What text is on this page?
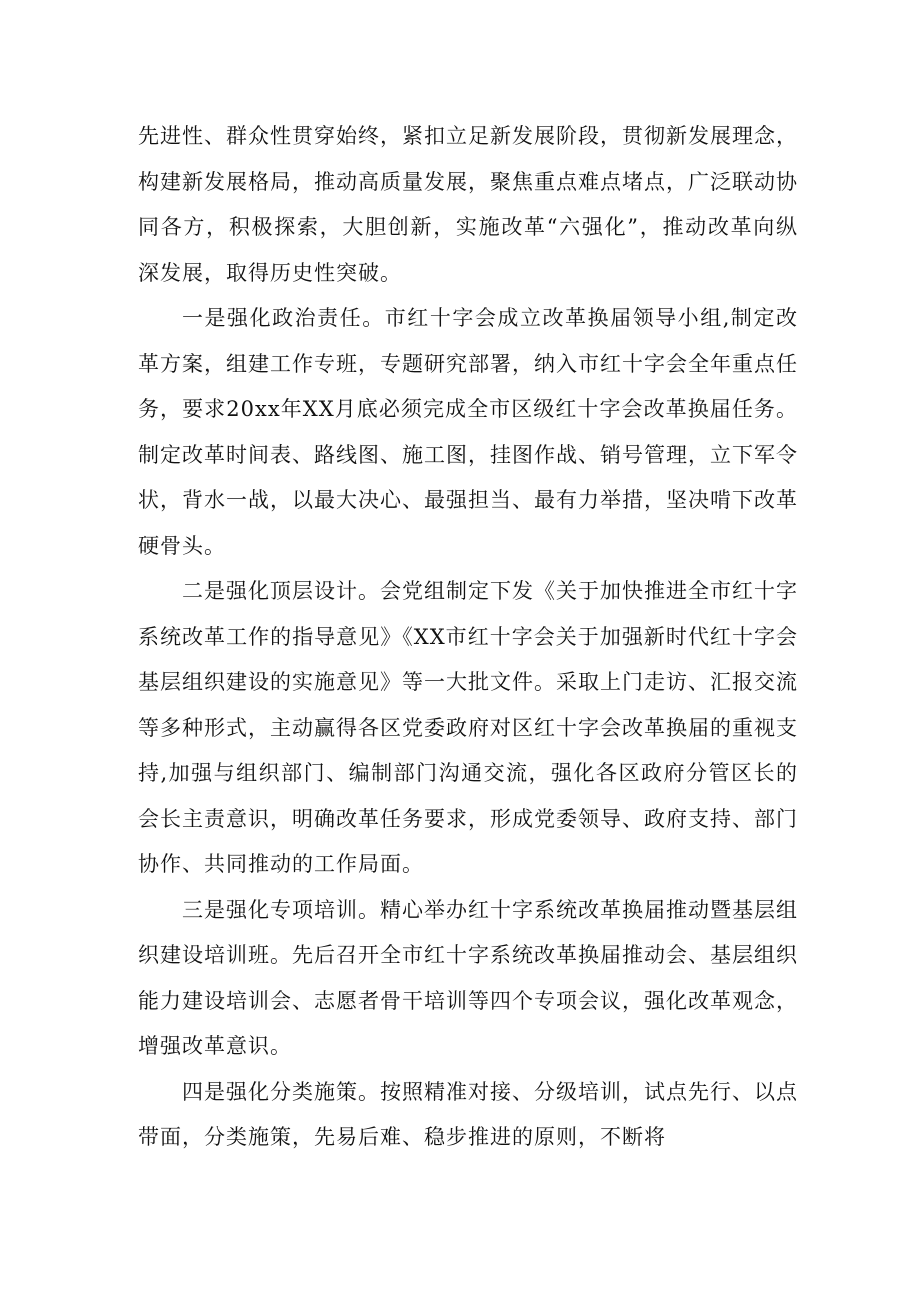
先进性、群众性贯穿始终，紧扣立足新发展阶段，贯彻新发展理念，构建新发展格局，推动高质量发展，聚焦重点难点堵点，广泛联动协同各方，积极探索，大胆创新，实施改革“六强化”，推动改革向纵深发展，取得历史性突破。

一是强化政治责任。市红十字会成立改革换届领导小组,制定改革方案，组建工作专班，专题研究部署，纳入市红十字会全年重点任务，要求20xx年XX月底必须完成全市区级红十字会改革换届任务。制定改革时间表、路线图、施工图，挂图作战、销号管理，立下军令状，背水一战，以最大决心、最强担当、最有力举措，坚决啃下改革硬骨头。

二是强化顶层设计。会党组制定下发《关于加快推进全市红十字系统改革工作的指导意见》《XX市红十字会关于加强新时代红十字会基层组织建设的实施意见》等一大批文件。采取上门走访、汇报交流等多种形式，主动赢得各区党委政府对区红十字会改革换届的重视支持,加强与组织部门、编制部门沟通交流，强化各区政府分管区长的会长主责意识，明确改革任务要求，形成党委领导、政府支持、部门协作、共同推动的工作局面。

三是强化专项培训。精心举办红十字系统改革换届推动暨基层组织建设培训班。先后召开全市红十字系统改革换届推动会、基层组织能力建设培训会、志愿者骨干培训等四个专项会议，强化改革观念，增强改革意识。

四是强化分类施策。按照精准对接、分级培训，试点先行、以点带面，分类施策，先易后难、稳步推进的原则，不断将
